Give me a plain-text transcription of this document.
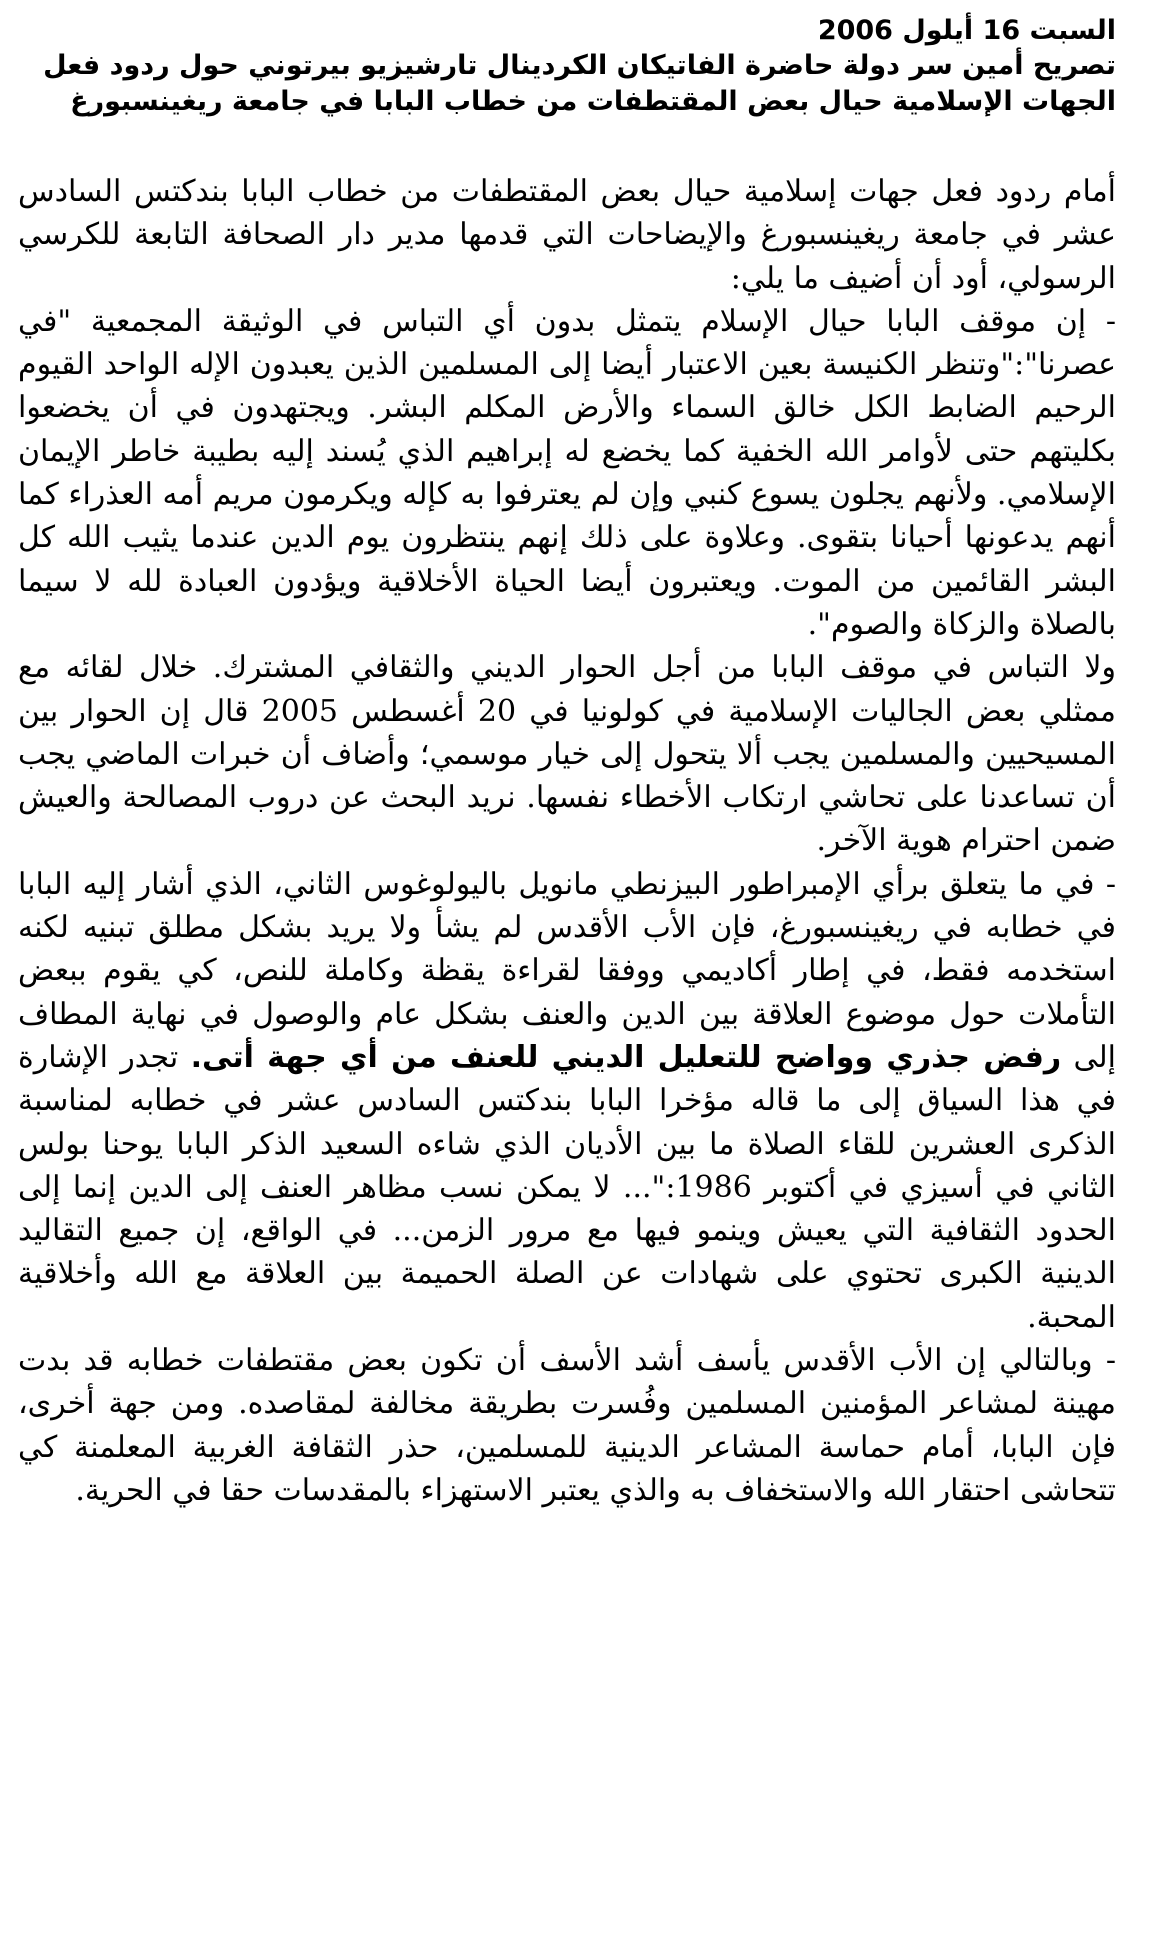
السبت 16 أيلول 2006

تصريح أمين سر دولة حاضرة الفاتيكان الكردينال تارشيزيو بيرتوني حول ردود فعل الجهات الإسلامية حيال بعض المقتطفات من خطاب البابا في جامعة ريغينسبورغ

أمام ردود فعل جهات إسلامية حيال بعض المقتطفات من خطاب البابا بندكتس السادس عشر في جامعة ريغينسبورغ والإيضاحات التي قدمها مدير دار الصحافة التابعة للكرسي الرسولي، أود أن أضيف ما يلي:

- إن موقف البابا حيال الإسلام يتمثل بدون أي التباس في الوثيقة المجمعية "في عصرنا":"وتنظر الكنيسة بعين الاعتبار أيضا إلى المسلمين الذين يعبدون الإله الواحد القيوم الرحيم الضابط الكل خالق السماء والأرض المكلم البشر. ويجتهدون في أن يخضعوا بكليتهم حتى لأوامر الله الخفية كما يخضع له إبراهيم الذي يُسند إليه بطيبة خاطر الإيمان الإسلامي. ولأنهم يجلون يسوع كنبي وإن لم يعترفوا به كإله ويكرمون مريم أمه العذراء كما أنهم يدعونها أحيانا بتقوى. وعلاوة على ذلك إنهم ينتظرون يوم الدين عندما يثيب الله كل البشر القائمين من الموت. ويعتبرون أيضا الحياة الأخلاقية ويؤدون العبادة لله لا سيما بالصلاة والزكاة والصوم".

ولا التباس في موقف البابا من أجل الحوار الديني والثقافي المشترك. خلال لقائه مع ممثلي بعض الجاليات الإسلامية في كولونيا في 20 أغسطس 2005 قال إن الحوار بين المسيحيين والمسلمين يجب ألا يتحول إلى خيار موسمي؛ وأضاف أن خبرات الماضي يجب أن تساعدنا على تحاشي ارتكاب الأخطاء نفسها. نريد البحث عن دروب المصالحة والعيش ضمن احترام هوية الآخر.

- في ما يتعلق برأي الإمبراطور البيزنطي مانويل باليولوغوس الثاني، الذي أشار إليه البابا في خطابه في ريغينسبورغ، فإن الأب الأقدس لم يشأ ولا يريد بشكل مطلق تبنيه لكنه استخدمه فقط، في إطار أكاديمي ووفقا لقراءة يقظة وكاملة للنص، كي يقوم ببعض التأملات حول موضوع العلاقة بين الدين والعنف بشكل عام والوصول في نهاية المطاف إلى رفض جذري وواضح للتعليل الديني للعنف من أي جهة أتى. تجدر الإشارة في هذا السياق إلى ما قاله مؤخرا البابا بندكتس السادس عشر في خطابه لمناسبة الذكرى العشرين للقاء الصلاة ما بين الأديان الذي شاءه السعيد الذكر البابا يوحنا بولس الثاني في أسيزي في أكتوبر 1986:"... لا يمكن نسب مظاهر العنف إلى الدين إنما إلى الحدود الثقافية التي يعيش وينمو فيها مع مرور الزمن... في الواقع، إن جميع التقاليد الدينية الكبرى تحتوي على شهادات عن الصلة الحميمة بين العلاقة مع الله وأخلاقية المحبة.

- وبالتالي إن الأب الأقدس يأسف أشد الأسف أن تكون بعض مقتطفات خطابه قد بدت مهينة لمشاعر المؤمنين المسلمين وفُسرت بطريقة مخالفة لمقاصده. ومن جهة أخرى، فإن البابا، أمام حماسة المشاعر الدينية للمسلمين، حذر الثقافة الغربية المعلمنة كي تتحاشى احتقار الله والاستخفاف به والذي يعتبر الاستهزاء بالمقدسات حقا في الحرية.
